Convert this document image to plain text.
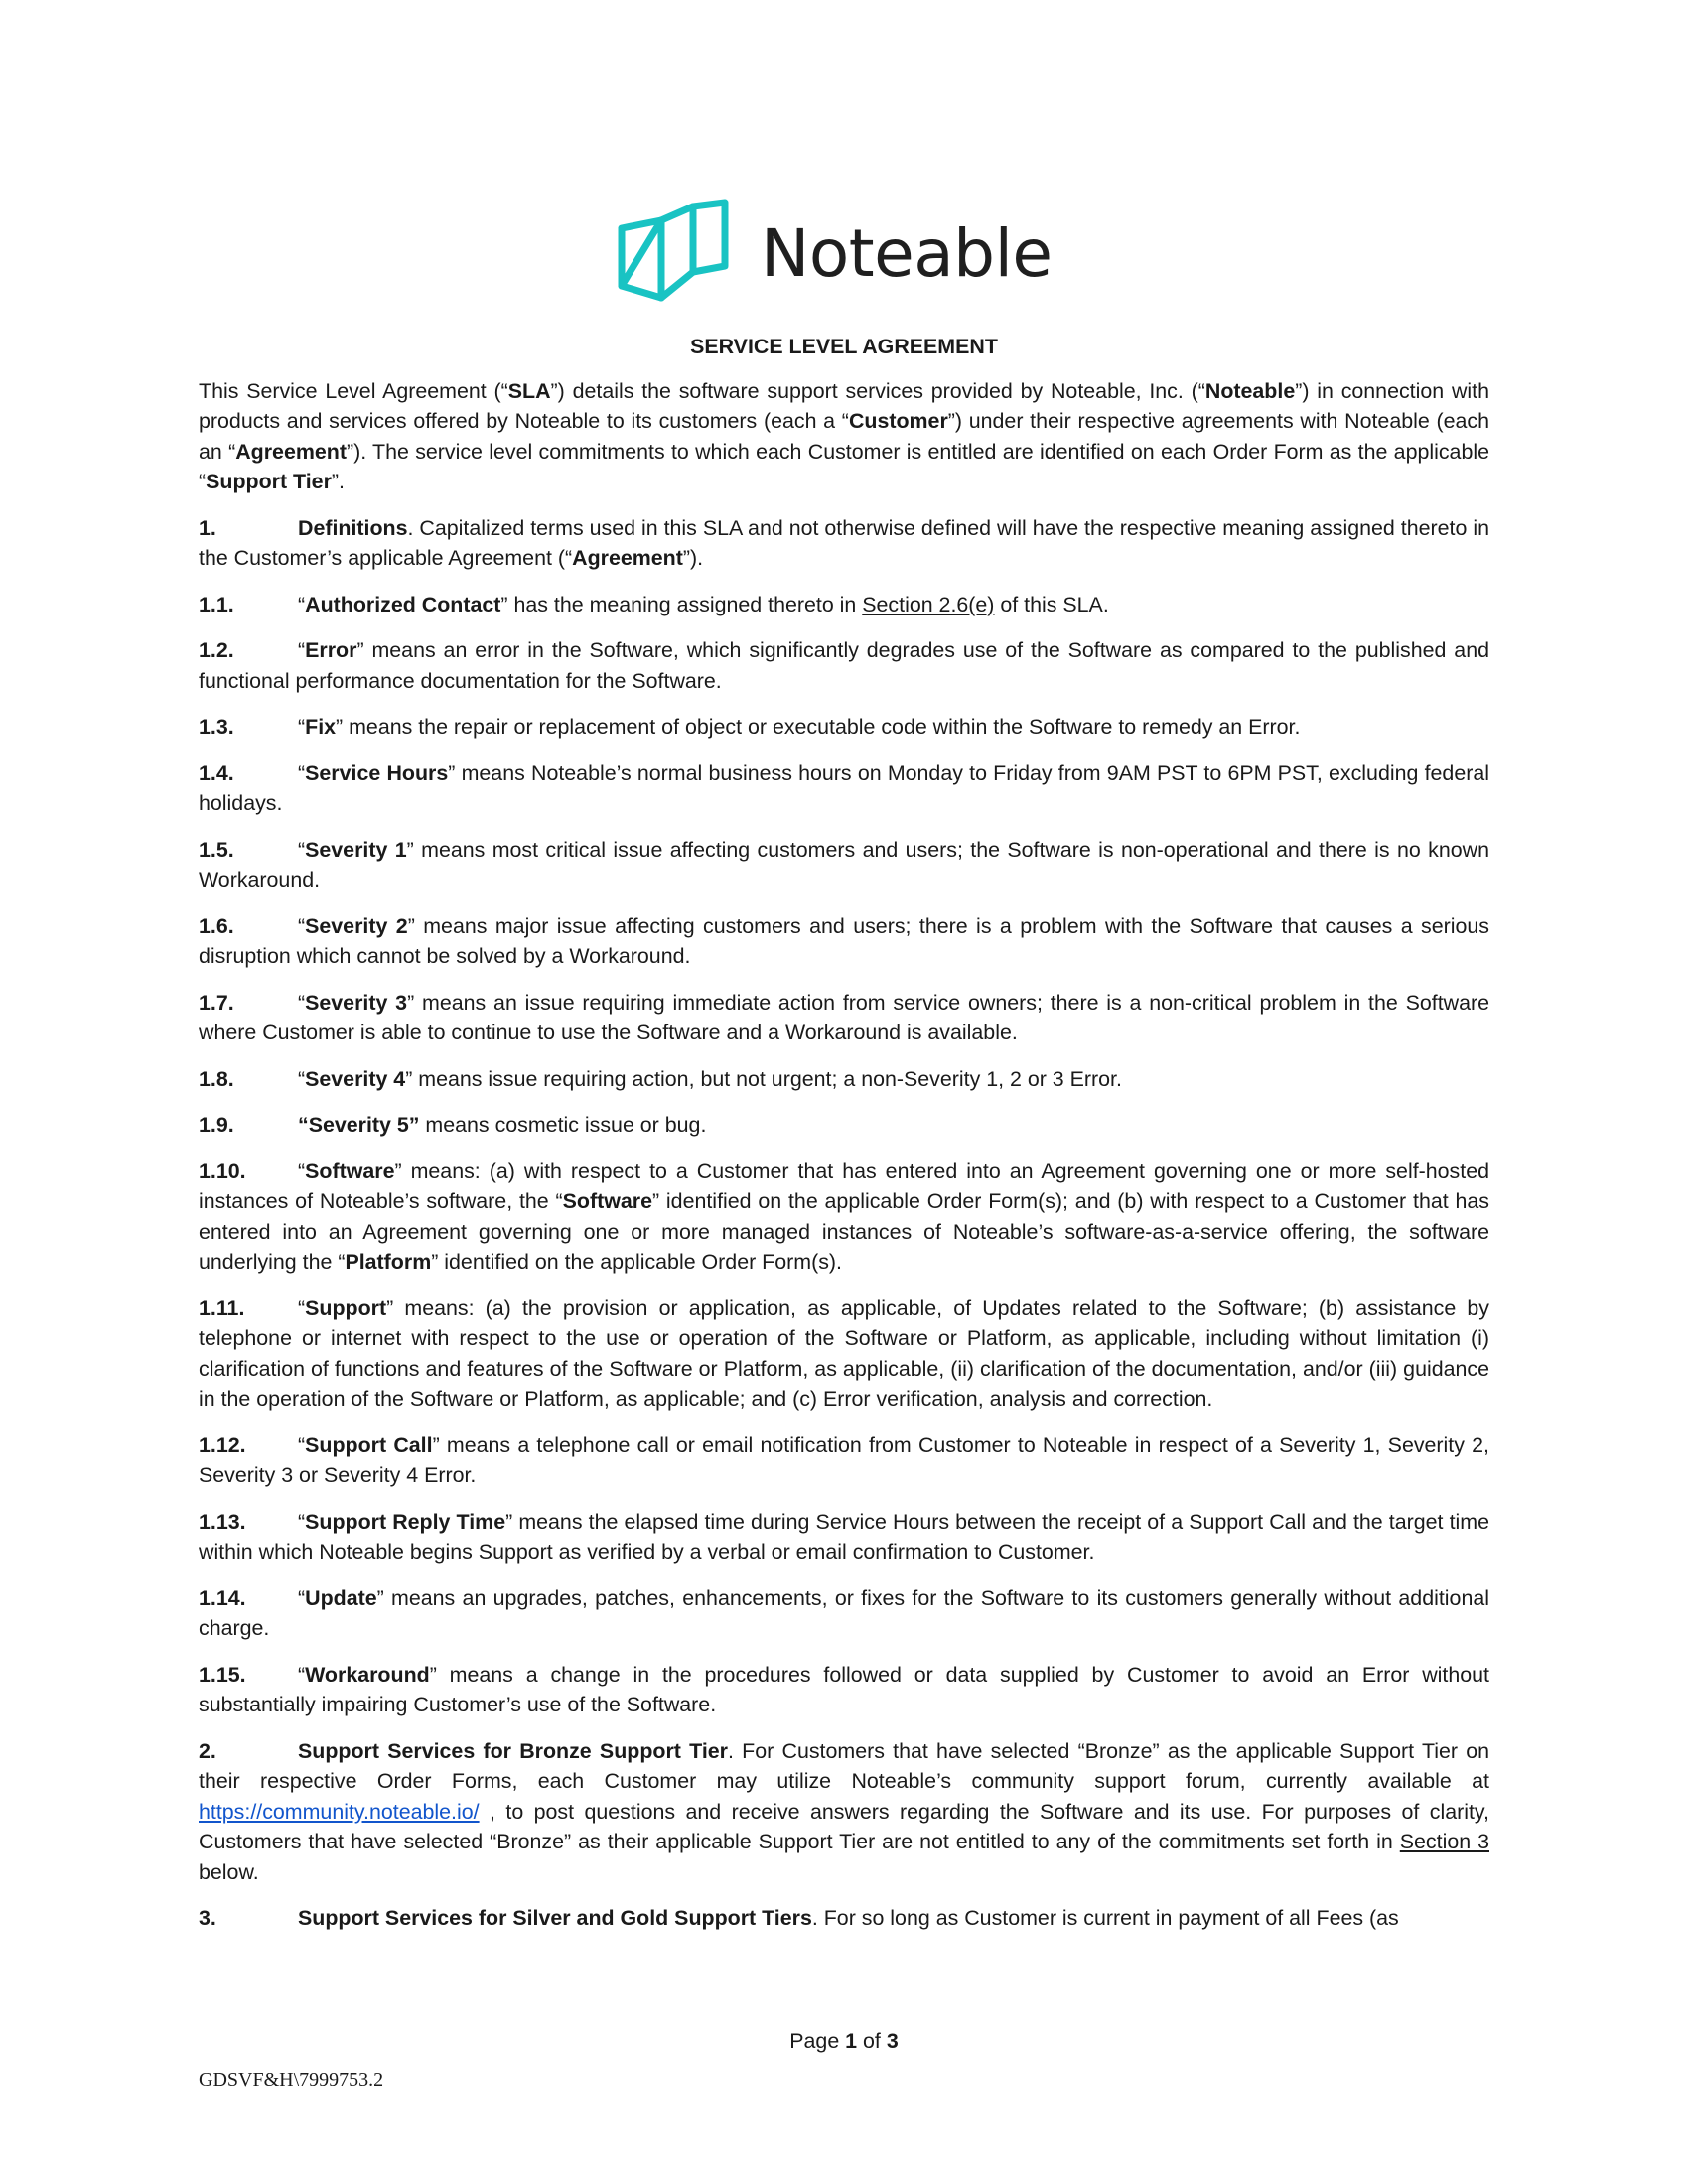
Noteable
SERVICE LEVEL AGREEMENT

This Service Level Agreement (“SLA”) details the software support services provided by Noteable, Inc. (“Noteable”) in connection with products and services offered by Noteable to its customers (each a “Customer”) under their respective agreements with Noteable (each an “Agreement”). The service level commitments to which each Customer is entitled are identified on each Order Form as the applicable “Support Tier”.

1.	Definitions. Capitalized terms used in this SLA and not otherwise defined will have the respective meaning assigned thereto in the Customer’s applicable Agreement (“Agreement”).

1.1.	“Authorized Contact” has the meaning assigned thereto in Section 2.6(e) of this SLA.

1.2.	“Error” means an error in the Software, which significantly degrades use of the Software as compared to the published and functional performance documentation for the Software.

1.3.	“Fix” means the repair or replacement of object or executable code within the Software to remedy an Error.

1.4.	“Service Hours” means Noteable’s normal business hours on Monday to Friday from 9AM PST to 6PM PST, excluding federal holidays.

1.5.	“Severity 1” means most critical issue affecting customers and users; the Software is non-operational and there is no known Workaround.

1.6.	“Severity 2” means major issue affecting customers and users; there is a problem with the Software that causes a serious disruption which cannot be solved by a Workaround.

1.7.	“Severity 3” means an issue requiring immediate action from service owners; there is a non-critical problem in the Software where Customer is able to continue to use the Software and a Workaround is available.

1.8.	“Severity 4” means issue requiring action, but not urgent; a non-Severity 1, 2 or 3 Error.

1.9.	“Severity 5” means cosmetic issue or bug.

1.10. “Software” means: (a) with respect to a Customer that has entered into an Agreement governing one or more self-hosted instances of Noteable’s software, the “Software” identified on the applicable Order Form(s); and (b) with respect to a Customer that has entered into an Agreement governing one or more managed instances of Noteable’s software-as-a-service offering, the software underlying the “Platform” identified on the applicable Order Form(s).

1.11.	“Support” means: (a) the provision or application, as applicable, of Updates related to the Software; (b) assistance by telephone or internet with respect to the use or operation of the Software or Platform, as applicable, including without limitation (i) clarification of functions and features of the Software or Platform, as applicable, (ii) clarification of the documentation, and/or (iii) guidance in the operation of the Software or Platform, as applicable; and (c) Error verification, analysis and correction.

1.12. “Support Call” means a telephone call or email notification from Customer to Noteable in respect of a Severity 1, Severity 2, Severity 3 or Severity 4 Error.

1.13. “Support Reply Time” means the elapsed time during Service Hours between the receipt of a Support Call and the target time within which Noteable begins Support as verified by a verbal or email confirmation to Customer.

1.14. “Update” means an upgrades, patches, enhancements, or fixes for the Software to its customers generally without additional charge.

1.15. “Workaround” means a change in the procedures followed or data supplied by Customer to avoid an Error without substantially impairing Customer’s use of the Software.

2.	Support Services for Bronze Support Tier. For Customers that have selected “Bronze” as the applicable Support Tier on their respective Order Forms, each Customer may utilize Noteable’s community support forum, currently available at https://community.noteable.io/ , to post questions and receive answers regarding the Software and its use. For purposes of clarity, Customers that have selected “Bronze” as their applicable Support Tier are not entitled to any of the commitments set forth in Section 3 below.

3.	Support Services for Silver and Gold Support Tiers. For so long as Customer is current in payment of all Fees (as

Page 1 of 3
GDSVF&H\7999753.2
